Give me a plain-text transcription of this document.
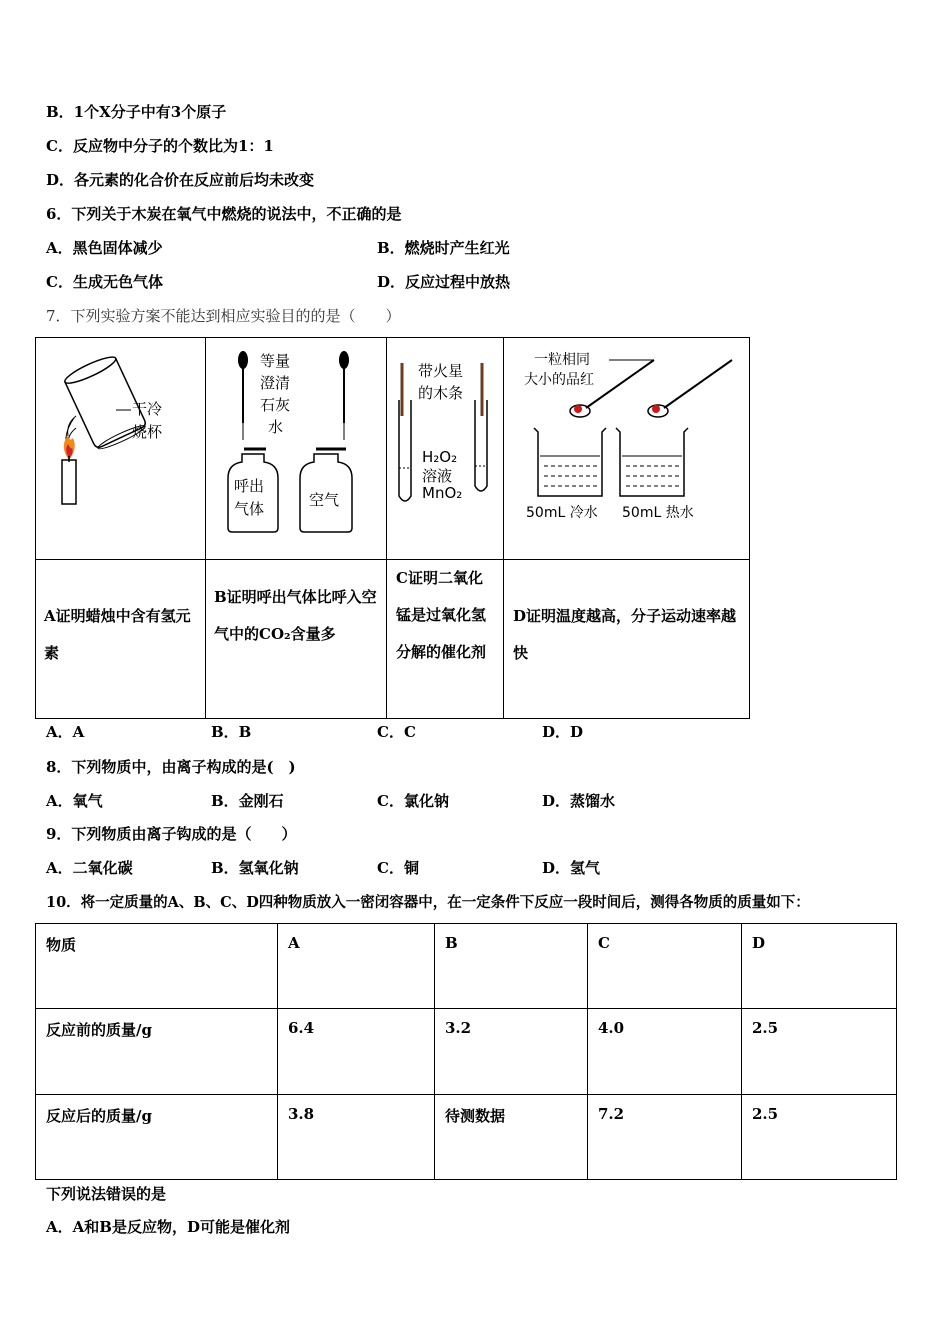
B．1个X分子中有3个原子
C．反应物中分子的个数比为1：1
D．各元素的化合价在反应前后均未改变
6．下列关于木炭在氧气中燃烧的说法中，不正确的是
A．黑色固体减少	B．燃烧时产生红光
C．生成无色气体	D．反应过程中放热
7．下列实验方案不能达到相应实验目的的是（　　）
干冷
烧杯
等量
澄清
石灰
水
呼出
气体	空气
带火星
的木条
H₂O₂
溶液
MnO₂
一粒相同
大小的品红
50mL 冷水 50mL 热水
A证明蜡烛中含有氢元素
B证明呼出气体比呼入空气中的CO₂含量多
C证明二氧化锰是过氧化氢分解的催化剂
D证明温度越高，分子运动速率越快
A．A	B．B	C．C	D．D
8．下列物质中，由离子构成的是(　)
A．氧气	B．金刚石	C．氯化钠	D．蒸馏水
9．下列物质由离子钩成的是（　　）
A．二氧化碳	B．氢氧化钠	C．铜	D．氢气
10．将一定质量的A、B、C、D四种物质放入一密闭容器中，在一定条件下反应一段时间后，测得各物质的质量如下：
物质	A	B	C	D
反应前的质量/g	6.4	3.2	4.0	2.5
反应后的质量/g	3.8	待测数据	7.2	2.5
下列说法错误的是
A．A和B是反应物，D可能是催化剂
